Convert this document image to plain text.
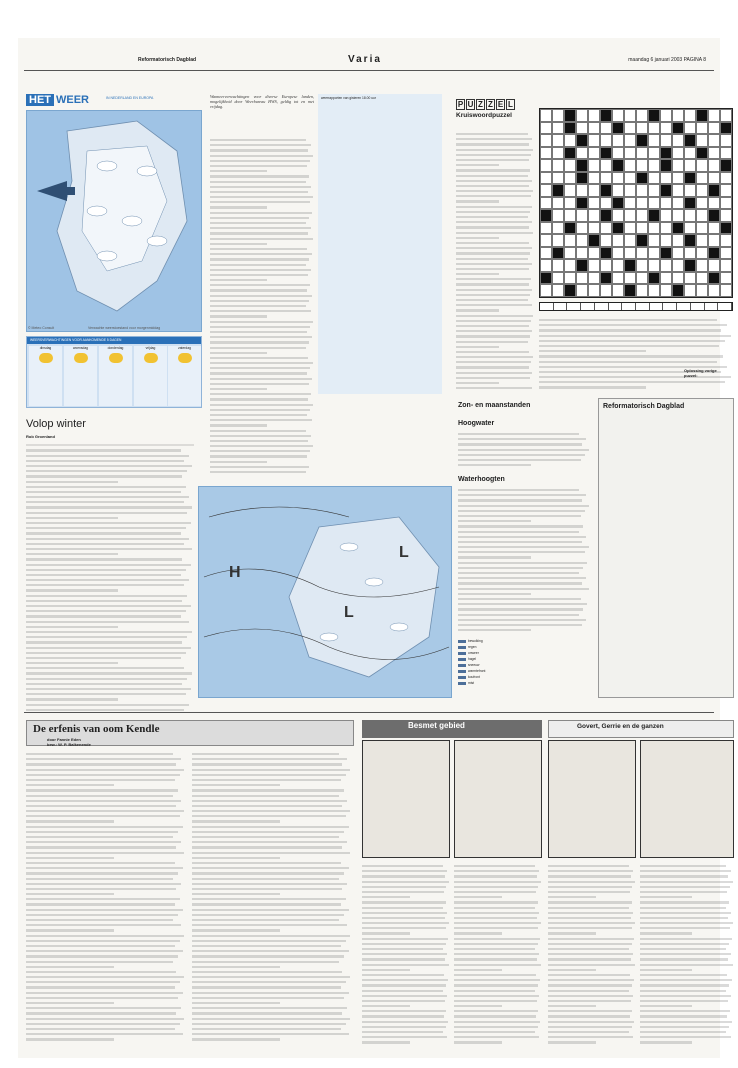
Reformatorisch Dagblad	Varia	maandag 6 januari 2003 PAGINA 8
HET WEER	IN NEDERLAND EN EUROPA
© Meteo Consult	Verwachte weerstoestand voor morgenmiddag
WEERSVERWACHTINGEN VOOR AANKOMENDE 5 DAGEN
dinsdag	woensdag	donderdag	vrijdag	zaterdag
Volop winter
Rob Groenland
Wanneerverwachtingen voor diverse Europese landen, mogelijkheid door Weerbureau HWS, geldig tot en met vrijdag.
weerrapporten van gisteren 18.00 uur
P U Z Z E L
Kruiswoordpuzzel
Oplossing vorige puzzel:
Zon- en maanstanden
Hoogwater
Waterhoogten
Reformatorisch Dagblad
H
L
L
bewolking
regen
onweer
hagel
sneeuw
warmtefront
koufront
mist
De erfenis van oom Kendle
door Fannie Eden
bew.: W. P. Balkenende
Besmet gebied	Govert, Gerrie en de ganzen
